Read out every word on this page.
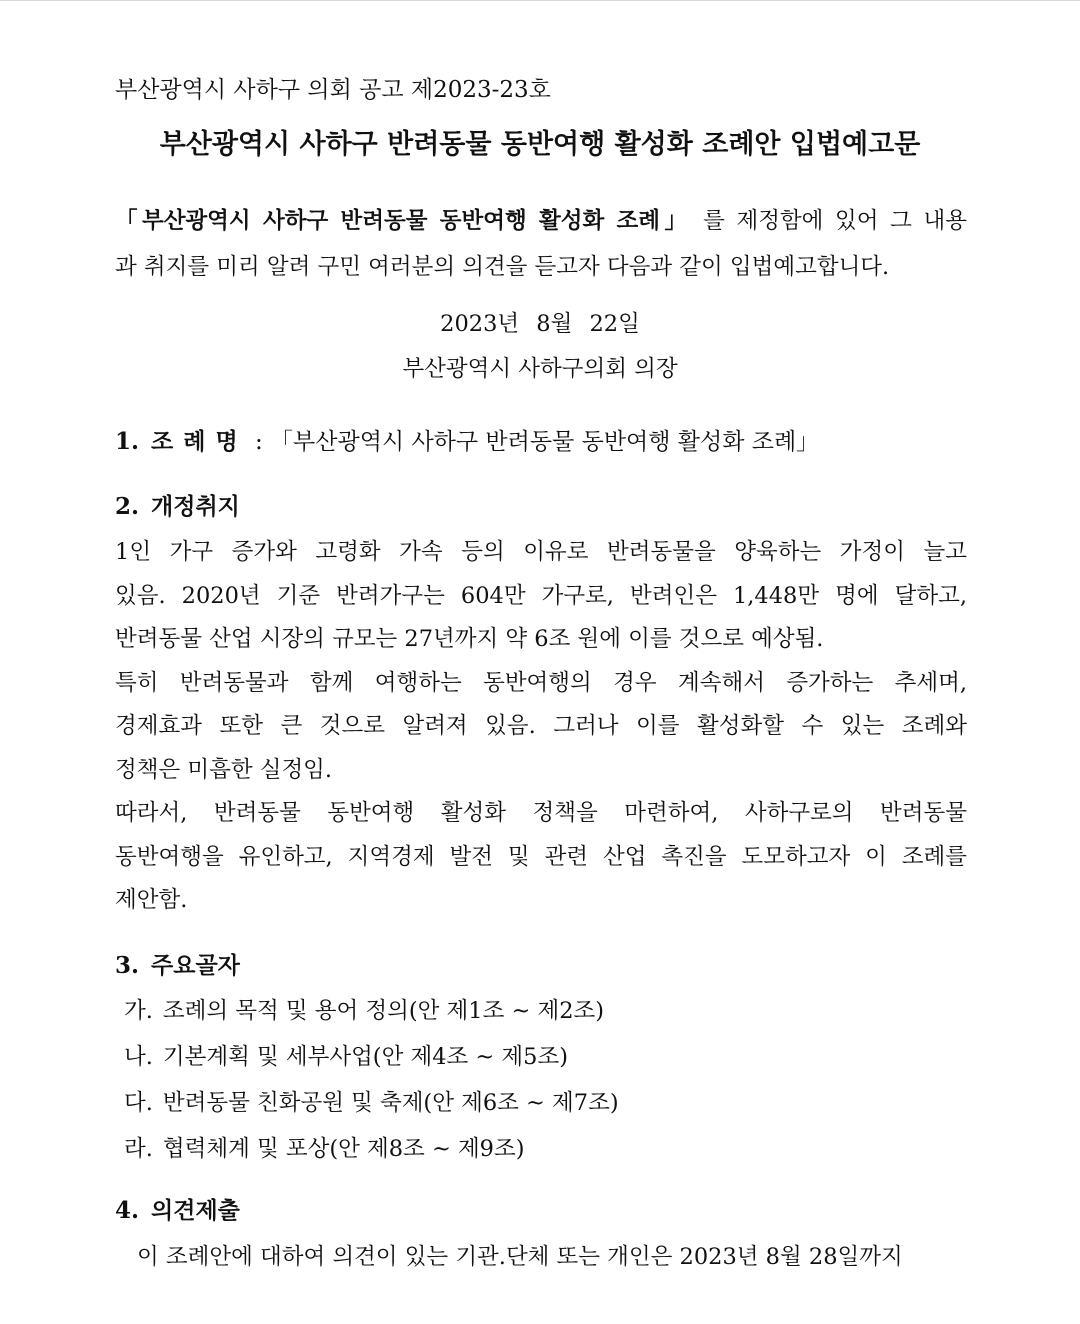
부산광역시 사하구 의회 공고 제2023-23호
부산광역시 사하구 반려동물 동반여행 활성화 조례안 입법예고문
「부산광역시 사하구 반려동물 동반여행 활성화 조례」 를 제정함에 있어 그 내용
과 취지를 미리 알려 구민 여러분의 의견을 듣고자 다음과 같이 입법예고합니다.
2023년 8월 22일
부산광역시 사하구의회 의장
1. 조례명 : 「부산광역시 사하구 반려동물 동반여행 활성화 조례」
2. 개정취지
1인 가구 증가와 고령화 가속 등의 이유로 반려동물을 양육하는 가정이 늘고
있음. 2020년 기준 반려가구는 604만 가구로, 반려인은 1,448만 명에 달하고,
반려동물 산업 시장의 규모는 27년까지 약 6조 원에 이를 것으로 예상됨.
특히 반려동물과 함께 여행하는 동반여행의 경우 계속해서 증가하는 추세며,
경제효과 또한 큰 것으로 알려져 있음. 그러나 이를 활성화할 수 있는 조례와
정책은 미흡한 실정임.
따라서, 반려동물 동반여행 활성화 정책을 마련하여, 사하구로의 반려동물
동반여행을 유인하고, 지역경제 발전 및 관련 산업 촉진을 도모하고자 이 조례를
제안함.
3. 주요골자
가. 조례의 목적 및 용어 정의(안 제1조 ~ 제2조)
나. 기본계획 및 세부사업(안 제4조 ~ 제5조)
다. 반려동물 친화공원 및 축제(안 제6조 ~ 제7조)
라. 협력체계 및 포상(안 제8조 ~ 제9조)
4. 의견제출
이 조례안에 대하여 의견이 있는 기관.단체 또는 개인은 2023년 8월 28일까지
